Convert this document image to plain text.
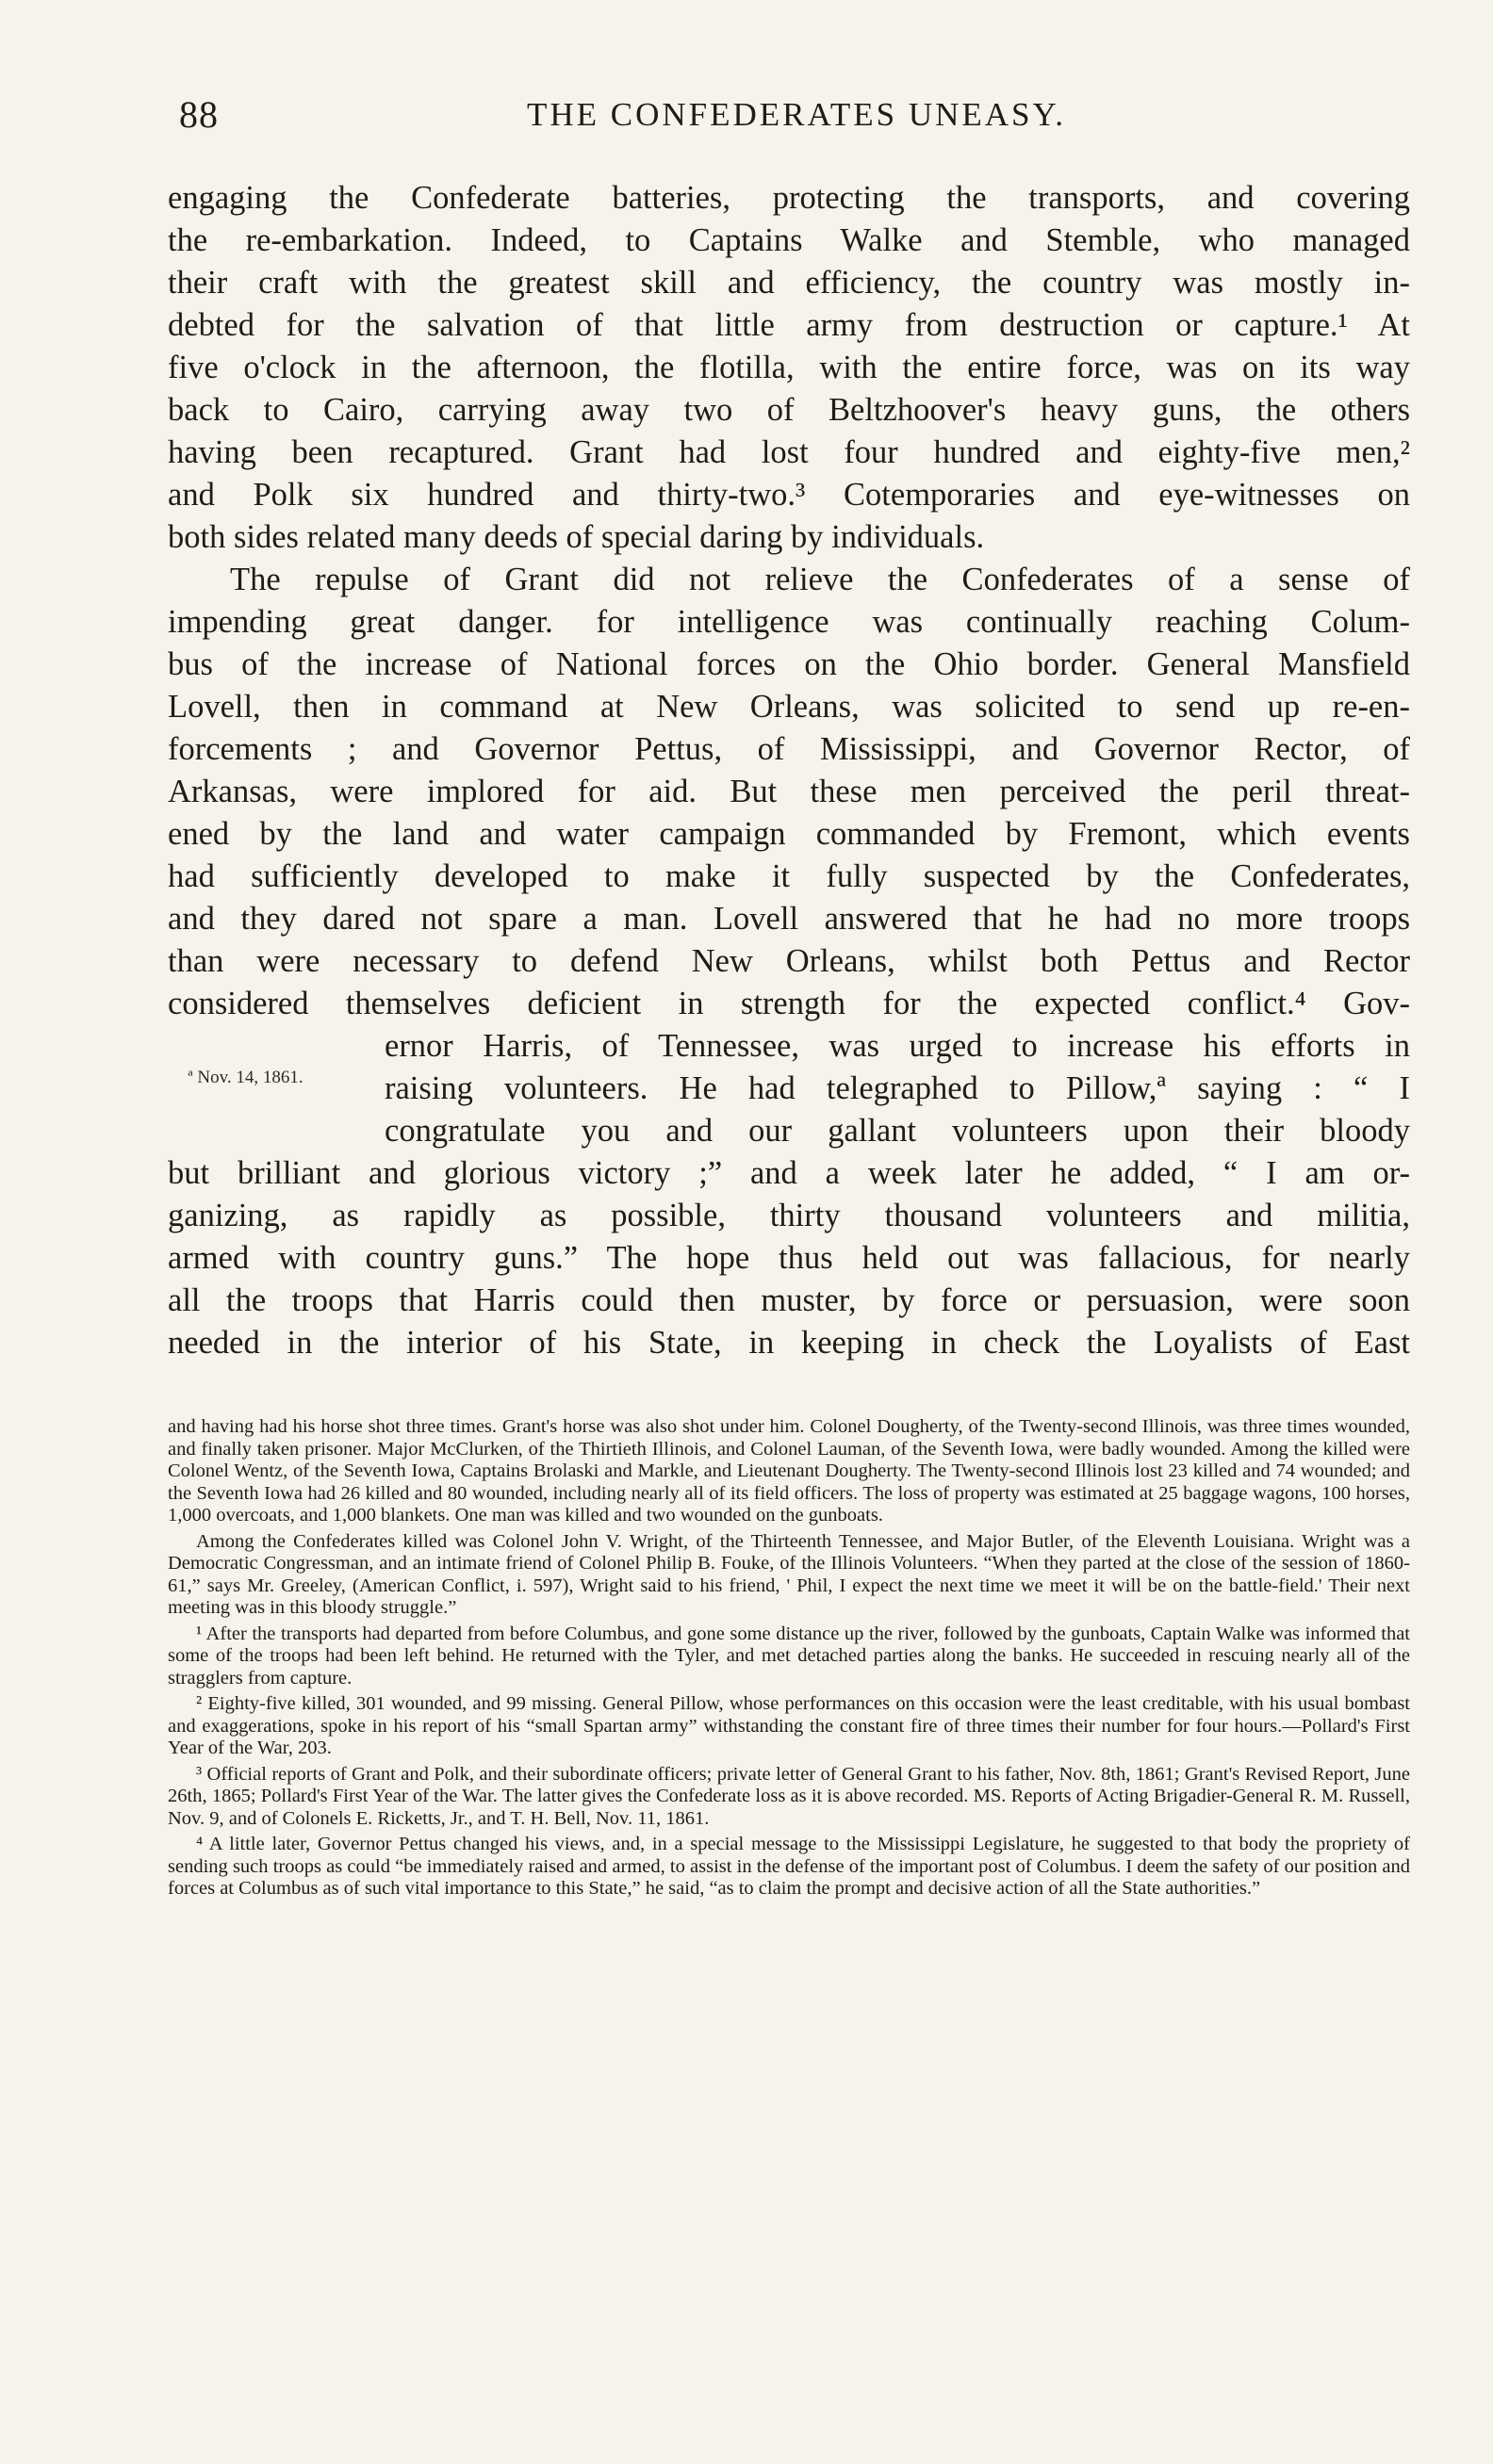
88	THE CONFEDERATES UNEASY.
engaging the Confederate batteries, protecting the transports, and covering
the re-embarkation. Indeed, to Captains Walke and Stemble, who managed
their craft with the greatest skill and efficiency, the country was mostly in-
debted for the salvation of that little army from destruction or capture.¹ At
five o'clock in the afternoon, the flotilla, with the entire force, was on its way
back to Cairo, carrying away two of Beltzhoover's heavy guns, the others
having been recaptured. Grant had lost four hundred and eighty-five men,²
and Polk six hundred and thirty-two.³ Cotemporaries and eye-witnesses on
both sides related many deeds of special daring by individuals.
The repulse of Grant did not relieve the Confederates of a sense of
impending great danger. for intelligence was continually reaching Colum-
bus of the increase of National forces on the Ohio border. General Mansfield
Lovell, then in command at New Orleans, was solicited to send up re-en-
forcements ; and Governor Pettus, of Mississippi, and Governor Rector, of
Arkansas, were implored for aid. But these men perceived the peril threat-
ened by the land and water campaign commanded by Fremont, which events
had sufficiently developed to make it fully suspected by the Confederates,
and they dared not spare a man. Lovell answered that he had no more troops
than were necessary to defend New Orleans, whilst both Pettus and Rector
considered themselves deficient in strength for the expected conflict.⁴ Gov-
ernor Harris, of Tennessee, was urged to increase his efforts in
ª Nov. 14, 1861.	raising volunteers. He had telegraphed to Pillow,ª saying : “ I
congratulate you and our gallant volunteers upon their bloody
but brilliant and glorious victory ;” and a week later he added, “ I am or-
ganizing, as rapidly as possible, thirty thousand volunteers and militia,
armed with country guns.” The hope thus held out was fallacious, for nearly
all the troops that Harris could then muster, by force or persuasion, were soon
needed in the interior of his State, in keeping in check the Loyalists of East

and having had his horse shot three times. Grant's horse was also shot under him. Colonel Dougherty, of the Twenty-second Illinois, was three times wounded, and finally taken prisoner. Major McClurken, of the Thirtieth Illinois, and Colonel Lauman, of the Seventh Iowa, were badly wounded. Among the killed were Colonel Wentz, of the Seventh Iowa, Captains Brolaski and Markle, and Lieutenant Dougherty. The Twenty-second Illinois lost 23 killed and 74 wounded; and the Seventh Iowa had 26 killed and 80 wounded, including nearly all of its field officers. The loss of property was estimated at 25 baggage wagons, 100 horses, 1,000 overcoats, and 1,000 blankets. One man was killed and two wounded on the gunboats.

Among the Confederates killed was Colonel John V. Wright, of the Thirteenth Tennessee, and Major Butler, of the Eleventh Louisiana. Wright was a Democratic Congressman, and an intimate friend of Colonel Philip B. Fouke, of the Illinois Volunteers. “When they parted at the close of the session of 1860-61,” says Mr. Greeley, (American Conflict, i. 597), Wright said to his friend, ' Phil, I expect the next time we meet it will be on the battle-field.' Their next meeting was in this bloody struggle.”

¹ After the transports had departed from before Columbus, and gone some distance up the river, followed by the gunboats, Captain Walke was informed that some of the troops had been left behind. He returned with the Tyler, and met detached parties along the banks. He succeeded in rescuing nearly all of the stragglers from capture.

² Eighty-five killed, 301 wounded, and 99 missing. General Pillow, whose performances on this occasion were the least creditable, with his usual bombast and exaggerations, spoke in his report of his “small Spartan army” withstanding the constant fire of three times their number for four hours.—Pollard's First Year of the War, 203.

³ Official reports of Grant and Polk, and their subordinate officers; private letter of General Grant to his father, Nov. 8th, 1861; Grant's Revised Report, June 26th, 1865; Pollard's First Year of the War. The latter gives the Confederate loss as it is above recorded. MS. Reports of Acting Brigadier-General R. M. Russell, Nov. 9, and of Colonels E. Ricketts, Jr., and T. H. Bell, Nov. 11, 1861.

⁴ A little later, Governor Pettus changed his views, and, in a special message to the Mississippi Legislature, he suggested to that body the propriety of sending such troops as could “be immediately raised and armed, to assist in the defense of the important post of Columbus. I deem the safety of our position and forces at Columbus as of such vital importance to this State,” he said, “as to claim the prompt and decisive action of all the State authorities.”
